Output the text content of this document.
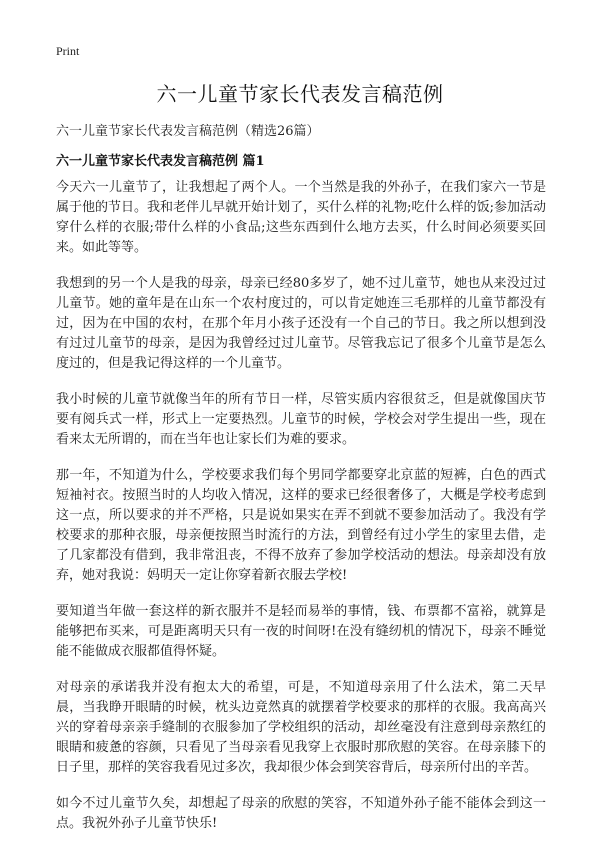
Print
六一儿童节家长代表发言稿范例
六一儿童节家长代表发言稿范例（精选26篇）
六一儿童节家长代表发言稿范例 篇1

今天六一儿童节了，让我想起了两个人。一个当然是我的外孙子，在我们家六一节是属于他的节日。我和老伴儿早就开始计划了，买什么样的礼物;吃什么样的饭;参加活动穿什么样的衣服;带什么样的小食品;这些东西到什么地方去买，什么时间必须要买回来。如此等等。

我想到的另一个人是我的母亲，母亲已经80多岁了，她不过儿童节，她也从来没过过儿童节。她的童年是在山东一个农村度过的，可以肯定她连三毛那样的儿童节都没有过，因为在中国的农村，在那个年月小孩子还没有一个自己的节日。我之所以想到没有过过儿童节的母亲，是因为我曾经过过儿童节。尽管我忘记了很多个儿童节是怎么度过的，但是我记得这样的一个儿童节。

我小时候的儿童节就像当年的所有节日一样，尽管实质内容很贫乏，但是就像国庆节要有阅兵式一样，形式上一定要热烈。儿童节的时候，学校会对学生提出一些，现在看来太无所谓的，而在当年也让家长们为难的要求。

那一年，不知道为什么，学校要求我们每个男同学都要穿北京蓝的短裤，白色的西式短袖衬衣。按照当时的人均收入情况，这样的要求已经很奢侈了，大概是学校考虑到这一点，所以要求的并不严格，只是说如果实在弄不到就不要参加活动了。我没有学校要求的那种衣服，母亲便按照当时流行的方法，到曾经有过小学生的家里去借，走了几家都没有借到，我非常沮丧，不得不放弃了参加学校活动的想法。母亲却没有放弃，她对我说：妈明天一定让你穿着新衣服去学校!

要知道当年做一套这样的新衣服并不是轻而易举的事情，钱、布票都不富裕，就算是能够把布买来，可是距离明天只有一夜的时间呀!在没有缝纫机的情况下，母亲不睡觉能不能做成衣服都值得怀疑。

对母亲的承诺我并没有抱太大的希望，可是，不知道母亲用了什么法术，第二天早晨，当我睁开眼睛的时候，枕头边竟然真的就摆着学校要求的那样的衣服。我高高兴兴的穿着母亲亲手缝制的衣服参加了学校组织的活动，却丝毫没有注意到母亲熬红的眼睛和疲惫的容颜，只看见了当母亲看见我穿上衣服时那欣慰的笑容。在母亲膝下的日子里，那样的笑容我看见过多次，我却很少体会到笑容背后，母亲所付出的辛苦。

如今不过儿童节久矣，却想起了母亲的欣慰的笑容，不知道外孙子能不能体会到这一点。我祝外孙子儿童节快乐!
